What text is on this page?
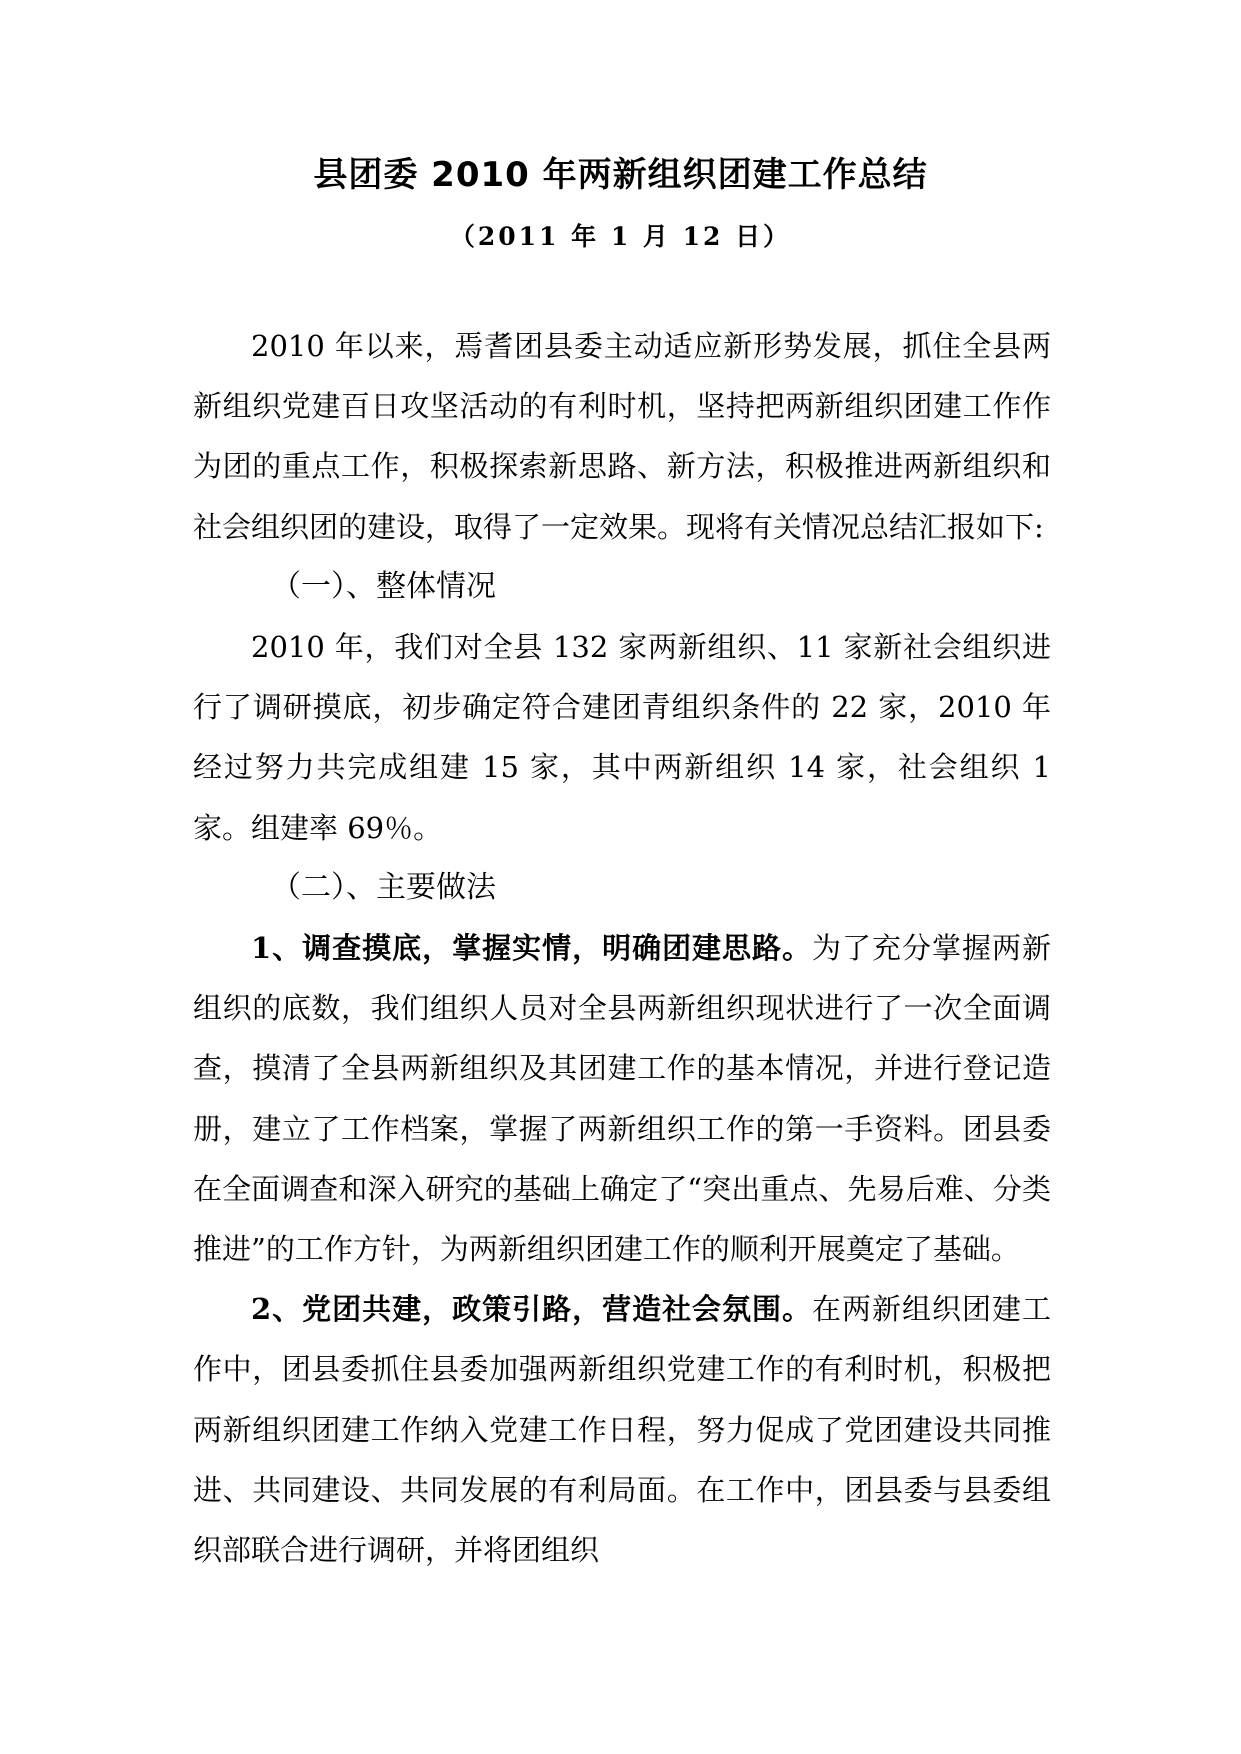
县团委 2010 年两新组织团建工作总结
（2011 年 1 月 12 日）

2010 年以来，焉耆团县委主动适应新形势发展，抓住全县两新组织党建百日攻坚活动的有利时机，坚持把两新组织团建工作作为团的重点工作，积极探索新思路、新方法，积极推进两新组织和社会组织团的建设，取得了一定效果。现将有关情况总结汇报如下:

（一）、整体情况

2010 年，我们对全县 132 家两新组织、11 家新社会组织进行了调研摸底，初步确定符合建团青组织条件的 22 家，2010 年经过努力共完成组建 15 家，其中两新组织 14 家，社会组织 1 家。组建率 69％。

（二）、主要做法

1、调查摸底，掌握实情，明确团建思路。为了充分掌握两新组织的底数，我们组织人员对全县两新组织现状进行了一次全面调查，摸清了全县两新组织及其团建工作的基本情况，并进行登记造册，建立了工作档案，掌握了两新组织工作的第一手资料。团县委在全面调查和深入研究的基础上确定了“突出重点、先易后难、分类推进”的工作方针，为两新组织团建工作的顺利开展奠定了基础。

2、党团共建，政策引路，营造社会氛围。在两新组织团建工作中，团县委抓住县委加强两新组织党建工作的有利时机，积极把两新组织团建工作纳入党建工作日程，努力促成了党团建设共同推进、共同建设、共同发展的有利局面。在工作中，团县委与县委组织部联合进行调研，并将团组织
